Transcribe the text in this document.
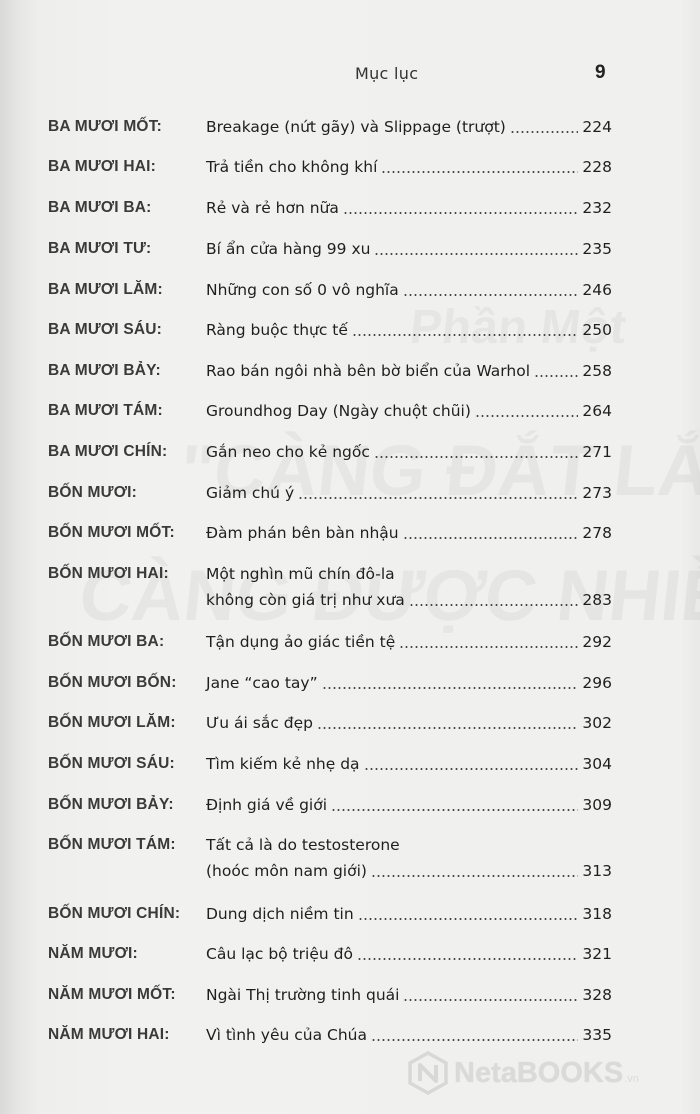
Mục lục	9
BA MƯƠI MỐT:	Breakage (nứt gãy) và Slippage (trượt)	224
BA MƯƠI HAI:	Trả tiền cho không khí	228
BA MƯƠI BA:	Rẻ và rẻ hơn nữa	232
BA MƯƠI TƯ:	Bí ẩn cửa hàng 99 xu	235
BA MƯƠI LĂM:	Những con số 0 vô nghĩa	246
BA MƯƠI SÁU:	Ràng buộc thực tế	250
BA MƯƠI BẢY:	Rao bán ngôi nhà bên bờ biển của Warhol	258
BA MƯƠI TÁM:	Groundhog Day (Ngày chuột chũi)	264
BA MƯƠI CHÍN: Gắn neo cho kẻ ngốc	271
BỐN MƯƠI:	Giảm chú ý	273
BỐN MƯƠI MỐT: Đàm phán bên bàn nhậu	278
BỐN MƯƠI HAI: Một nghìn mũ chín đô-la
không còn giá trị như xưa	283
BỐN MƯƠI BA:	Tận dụng ảo giác tiền tệ	292
BỐN MƯƠI BỐN: Jane “cao tay”	296
BỐN MƯƠI LĂM: Ưu ái sắc đẹp	302
BỐN MƯƠI SÁU: Tìm kiếm kẻ nhẹ dạ	304
BỐN MƯƠI BẢY: Định giá về giới	309
BỐN MƯƠI TÁM: Tất cả là do testosterone
(hoóc môn nam giới)	313
BỐN MƯƠI CHÍN: Dung dịch niềm tin	318
NĂM MƯƠI:	Câu lạc bộ triệu đô	321
NĂM MƯƠI MỐT: Ngài Thị trường tinh quái	328
NĂM MƯƠI HAI: Vì tình yêu của Chúa	335
NetaBOOKS .vn
